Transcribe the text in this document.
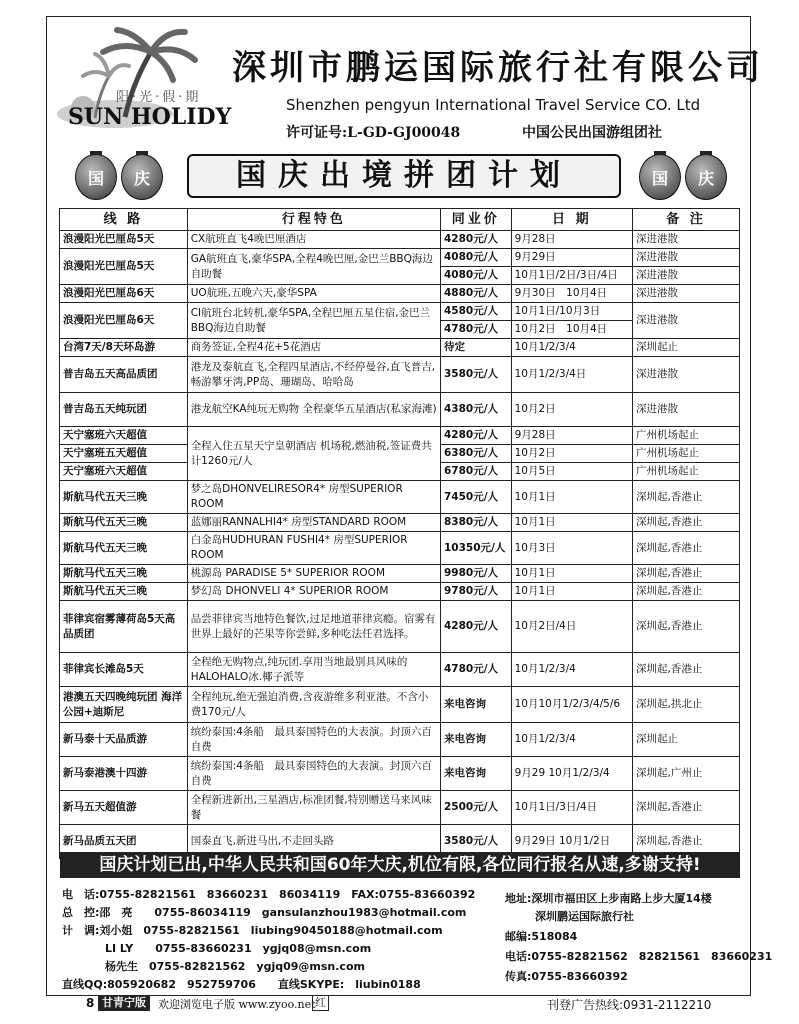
阳·光·假·期
SUN HOLIDY
深圳市鹏运国际旅行社有限公司
Shenzhen pengyun International Travel Service CO. Ltd
许可证号:L-GD-GJ00048	中国公民出国游组团社
国	庆	国庆出境拼团计划	国	庆
线 路	行程特色	同业价	日 期	备 注
浪漫阳光巴厘岛5天	CX航班直飞4晚巴厘酒店	4280元/人	9月28日	深进港散
浪漫阳光巴厘岛5天	GA航班直飞,豪华SPA,全程4晚巴厘,金巴兰BBQ海边自助餐	4080元/人	9月29日	深进港散
		4080元/人	10月1日/2日/3日/4日	深进港散
浪漫阳光巴厘岛6天	UO航班,五晚六天,豪华SPA	4880元/人	9月30日　10月4日	深进港散
浪漫阳光巴厘岛6天	CI航班台北转机,豪华SPA,全程巴厘五星住宿,金巴兰BBQ海边自助餐	4580元/人	10月1日/10月3日	深进港散
		4780元/人	10月2日　10月4日	
台湾7天/8天环岛游	商务签证,全程4花+5花酒店	待定	10月1/2/3/4	深圳起止
普吉岛五天高品质团	港龙及泰航直飞,全程四星酒店,不经停曼谷,直飞普吉,畅游攀牙湾,PP岛、珊瑚岛、哈哈岛	3580元/人	10月1/2/3/4日	深进港散
普吉岛五天纯玩团	港龙航空KA纯玩无购物 全程豪华五星酒店(私家海滩)	4380元/人	10月2日	深进港散
天宁塞班六天超值	全程入住五星天宁皇朝酒店 机场税,燃油税,签证费共计1260元/人	4280元/人	9月28日	广州机场起止
天宁塞班五天超值		6380元/人	10月2日	广州机场起止
天宁塞班六天超值		6780元/人	10月5日	广州机场起止
斯航马代五天三晚	梦之岛DHONVELIRESOR4* 房型SUPERIOR ROOM	7450元/人	10月1日	深圳起,香港止
斯航马代五天三晚	蓝娜丽RANNALHI4* 房型STANDARD ROOM	8380元/人	10月1日	深圳起,香港止
斯航马代五天三晚	白金岛HUDHURAN FUSHI4* 房型SUPERIOR ROOM	10350元/人	10月3日	深圳起,香港止
斯航马代五天三晚	桃源岛 PARADISE 5* SUPERIOR ROOM	9980元/人	10月1日	深圳起,香港止
斯航马代五天三晚	梦幻岛 DHONVELI 4* SUPERIOR ROOM	9780元/人	10月1日	深圳起,香港止
菲律宾宿雾薄荷岛5天高品质团	品尝菲律宾当地特色餐饮,过足地道菲律宾瘾。宿雾有世界上最好的芒果等你尝鲜,多种吃法任君选择。	4280元/人	10月2日/4日	深圳起,香港止
菲律宾长滩岛5天	全程绝无购物点,纯玩团.享用当地最别具风味的HALOHALO冰.椰子派等	4780元/人	10月1/2/3/4	深圳起,香港止
港澳五天四晚纯玩团 海洋公园+迪斯尼	全程纯玩,绝无强迫消费,含夜游维多利亚港。不含小费170元/人	来电咨询	10月10月1/2/3/4/5/6	深圳起,拱北止
新马泰十天品质游	缤纷泰国:4条船　最具泰国特色的大表演。封顶六百自费	来电咨询	10月1/2/3/4	深圳起止
新马泰港澳十四游	缤纷泰国:4条船　最具泰国特色的大表演。封顶六百自费	来电咨询	9月29 10月1/2/3/4	深圳起,广州止
新马五天超值游	全程新进新出,三星酒店,标准团餐,特别赠送马来风味餐	2500元/人	10月1日/3日/4日	深圳起,香港止
新马品质五天团	国泰直飞,新进马出,不走回头路	3580元/人	9月29日 10月1/2日	深圳起,香港止
国庆计划已出,中华人民共和国60年大庆,机位有限,各位同行报名从速,多谢支持!
电　话:0755-82821561　83660231　86034119　FAX:0755-83660392
总　控:邵　亮　　0755-86034119　gansulanzhou1983@hotmail.com
计　调:刘小姐　0755-82821561　liubing90450188@hotmail.com
LI LY　　0755-83660231　ygjq08@msn.com
杨先生　0755-82821562　ygjq09@msn.com
直线QQ:805920682　952759706　　直线SKYPE:　liubin0188
地址:深圳市福田区上步南路上步大厦14楼
深圳鹏运国际旅行社
邮编:518084
电话:0755-82821562　82821561　83660231
传真:0755-83660392
8 甘青宁版	欢迎浏览电子版 www.zyoo.net 红	刊登广告热线:0931-2112210
